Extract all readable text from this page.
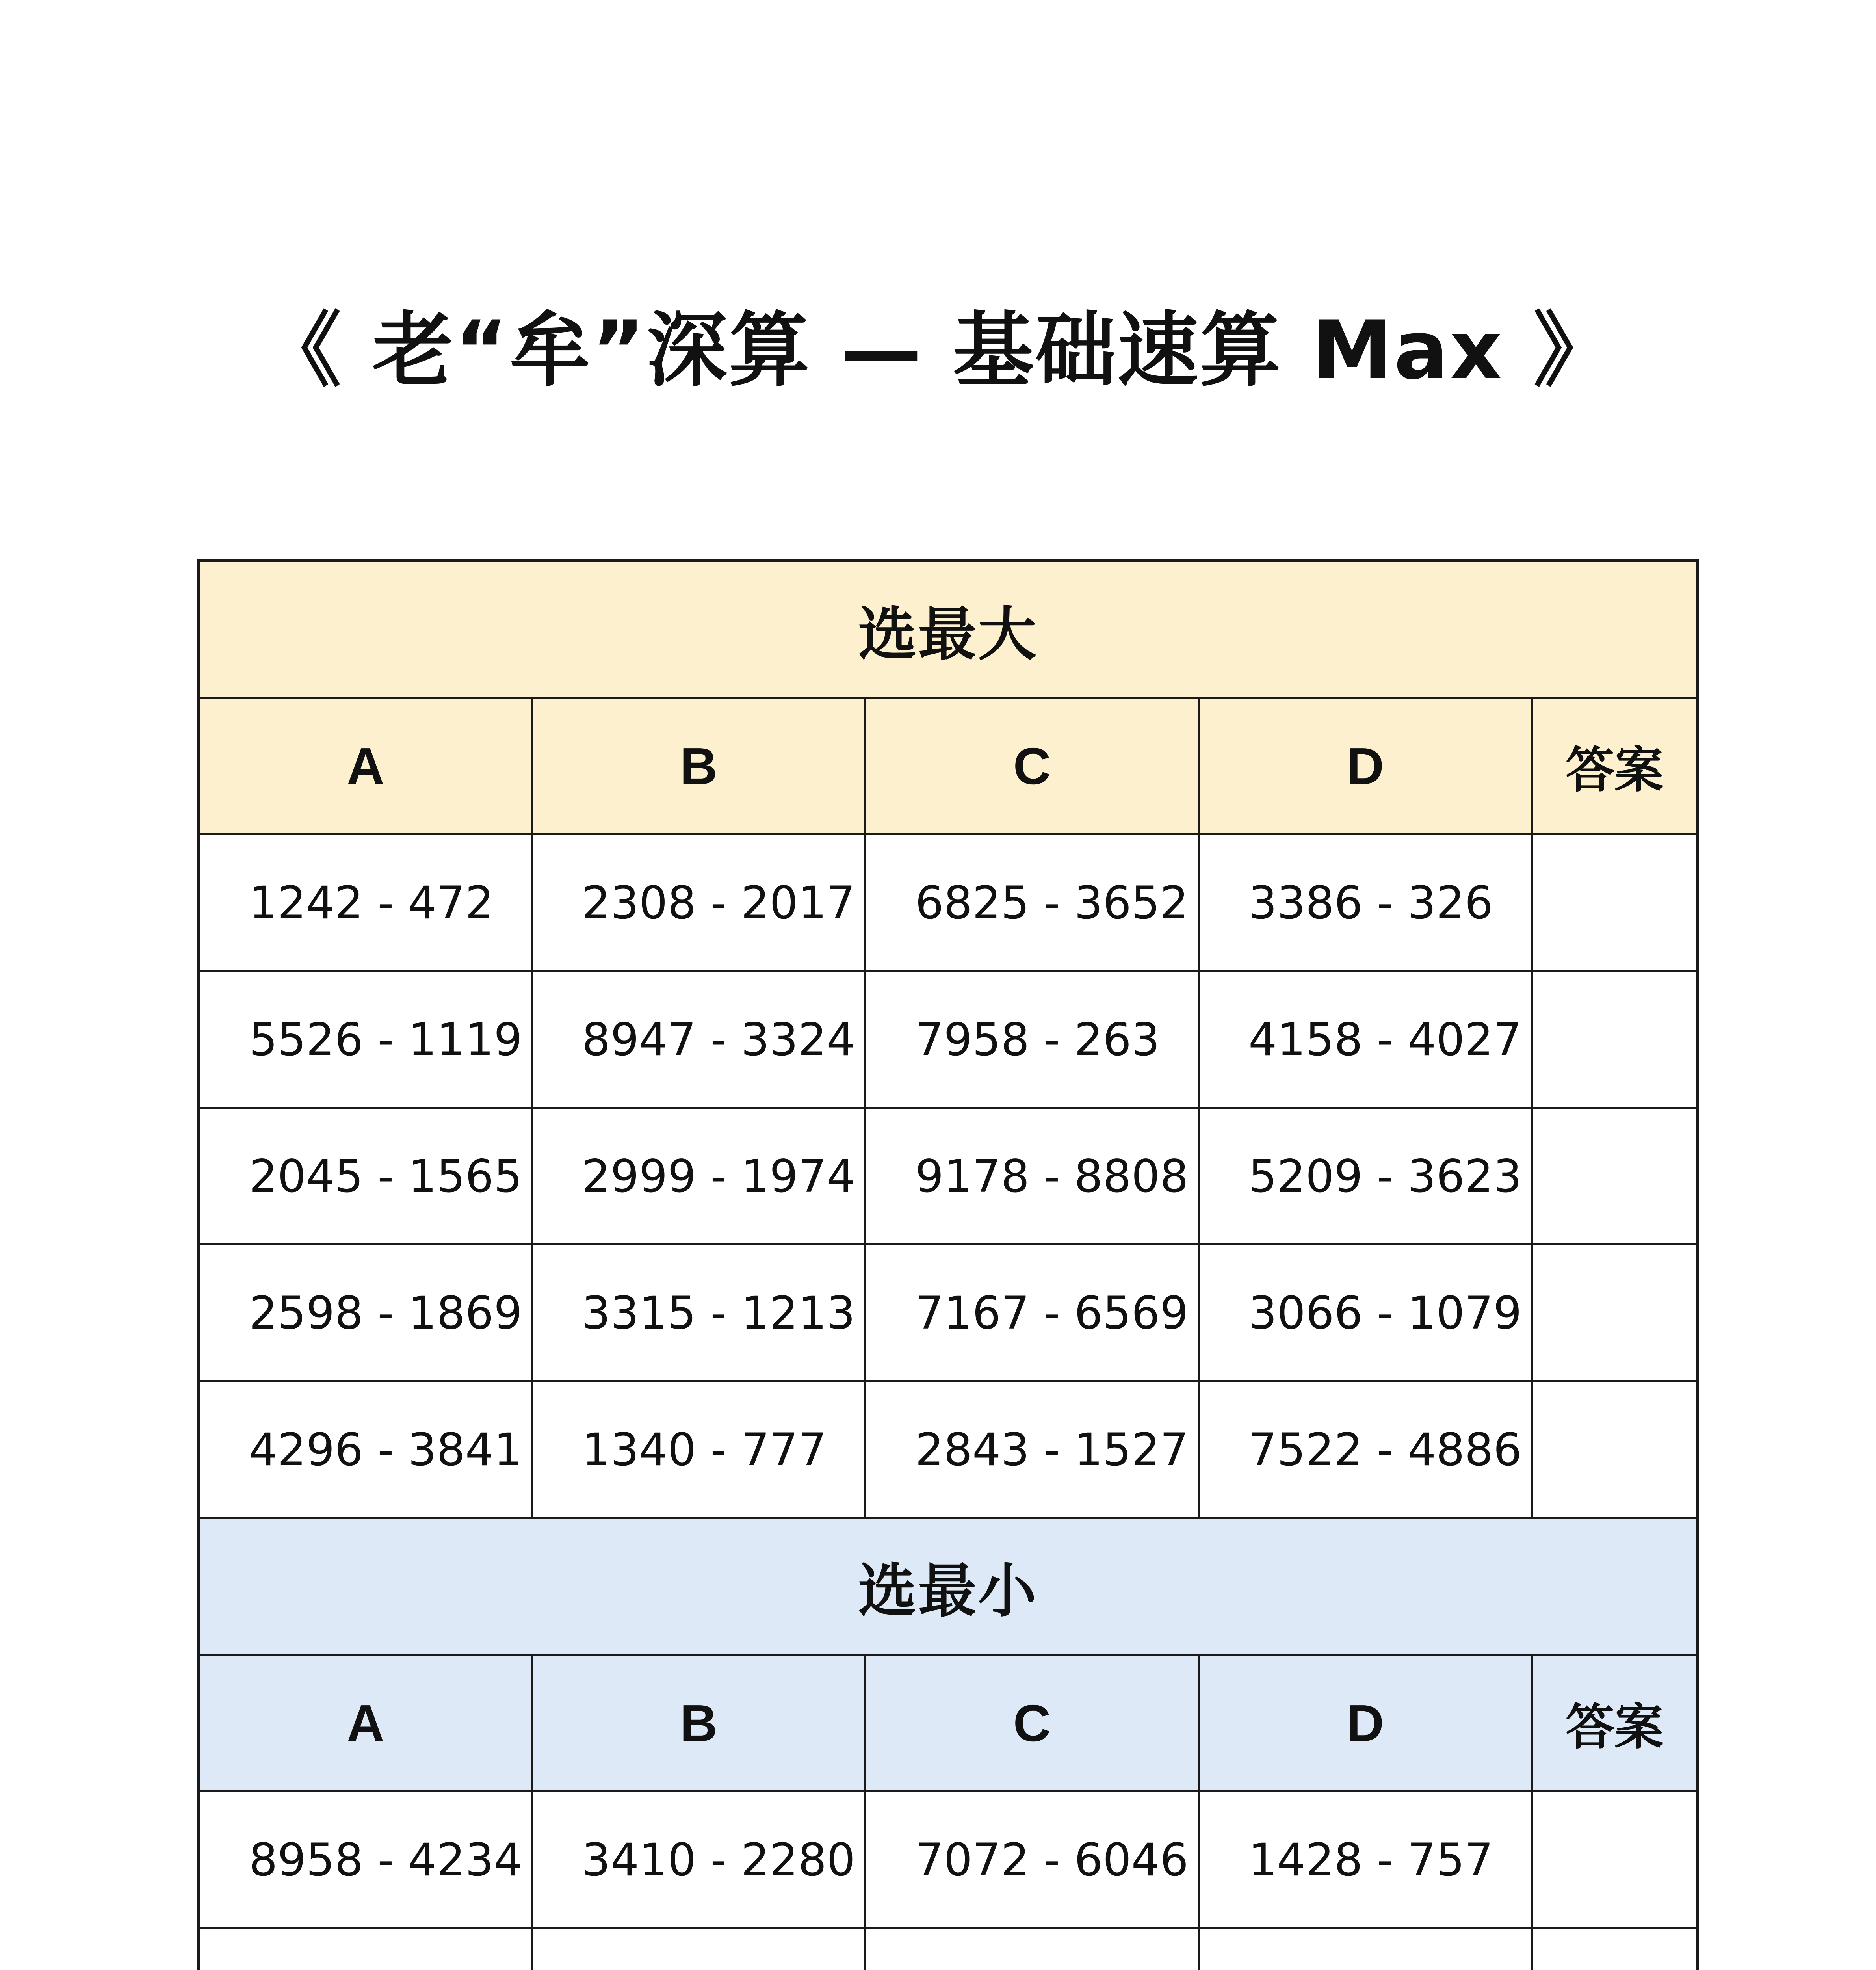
《 老“牟”深算 — 基础速算 Max 》
选最大				
A	B	C	D	答案
1242 - 472	2308 - 2017	6825 - 3652	3386 - 326	
5526 - 1119	8947 - 3324	7958 - 263	4158 - 4027	
2045 - 1565	2999 - 1974	9178 - 8808	5209 - 3623	
2598 - 1869	3315 - 1213	7167 - 6569	3066 - 1079	
4296 - 3841	1340 - 777	2843 - 1527	7522 - 4886	
选最小				
A	B	C	D	答案
8958 - 4234	3410 - 2280	7072 - 6046	1428 - 757	
